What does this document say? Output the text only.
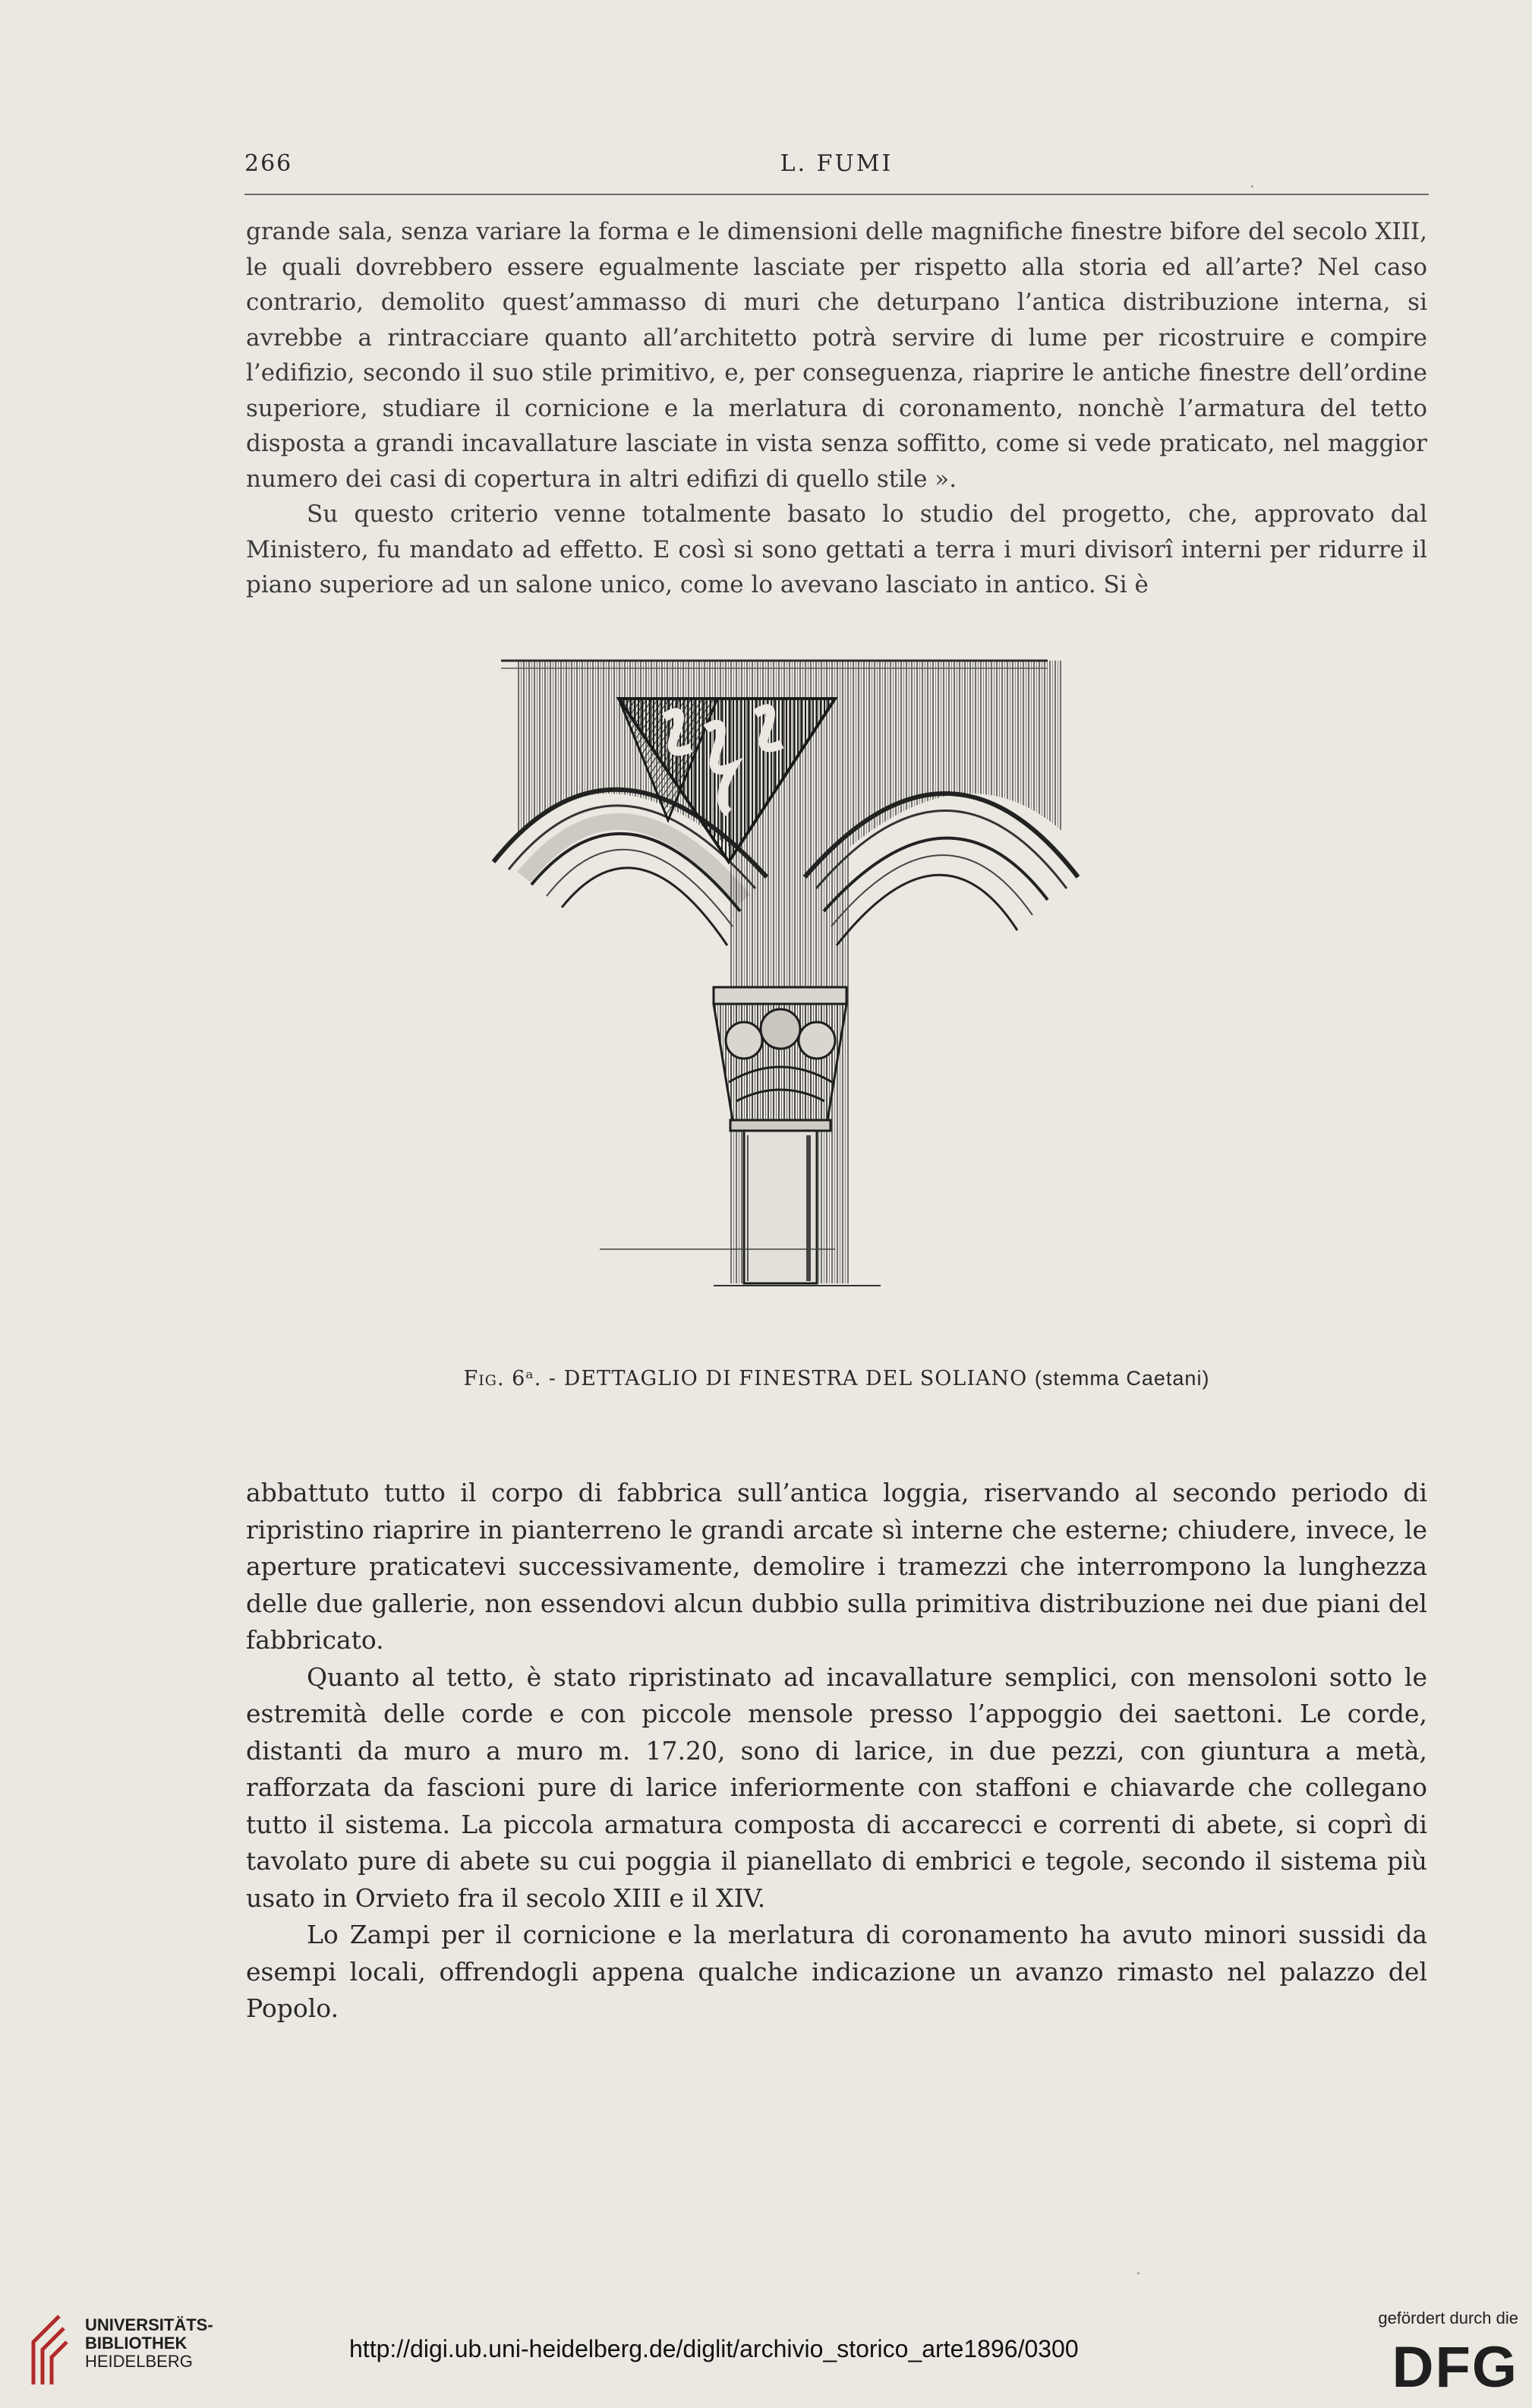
266	L. FUMI

grande sala, senza variare la forma e le dimensioni delle magnifiche finestre bifore del secolo XIII, le quali dovrebbero essere egualmente lasciate per rispetto alla storia ed all’arte? Nel caso contrario, demolito quest’ammasso di muri che deturpano l’antica distribuzione interna, si avrebbe a rintracciare quanto all’architetto potrà servire di lume per ricostruire e compire l’edifizio, secondo il suo stile primitivo, e, per conseguenza, riaprire le antiche finestre dell’ordine superiore, studiare il cornicione e la merlatura di coronamento, nonchè l’armatura del tetto disposta a grandi incavallature lasciate in vista senza soffitto, come si vede praticato, nel maggior numero dei casi di copertura in altri edifizi di quello stile ».

Su questo criterio venne totalmente basato lo studio del progetto, che, approvato dal Ministero, fu mandato ad effetto. E così si sono gettati a terra i muri divisorî interni per ridurre il piano superiore ad un salone unico, come lo avevano lasciato in antico. Si è

Fig. 6ᵃ. - DETTAGLIO DI FINESTRA DEL SOLIANO (stemma Caetani)

abbattuto tutto il corpo di fabbrica sull’antica loggia, riservando al secondo periodo di ripristino riaprire in pianterreno le grandi arcate sì interne che esterne; chiudere, invece, le aperture praticatevi successivamente, demolire i tramezzi che interrompono la lunghezza delle due gallerie, non essendovi alcun dubbio sulla primitiva distribuzione nei due piani del fabbricato.

Quanto al tetto, è stato ripristinato ad incavallature semplici, con mensoloni sotto le estremità delle corde e con piccole mensole presso l’appoggio dei saettoni. Le corde, distanti da muro a muro m. 17.20, sono di larice, in due pezzi, con giuntura a metà, rafforzata da fascioni pure di larice inferiormente con staffoni e chiavarde che collegano tutto il sistema. La piccola armatura composta di accarecci e correnti di abete, si coprì di tavolato pure di abete su cui poggia il pianellato di embrici e tegole, secondo il sistema più usato in Orvieto fra il secolo XIII e il XIV.

Lo Zampi per il cornicione e la merlatura di coronamento ha avuto minori sussidi da esempi locali, offrendogli appena qualche indicazione un avanzo rimasto nel palazzo del Popolo.

UNIVERSITÄTS-
BIBLIOTHEK
HEIDELBERG	http://digi.ub.uni-heidelberg.de/diglit/archivio_storico_arte1896/0300
gefördert durch die
DFG
